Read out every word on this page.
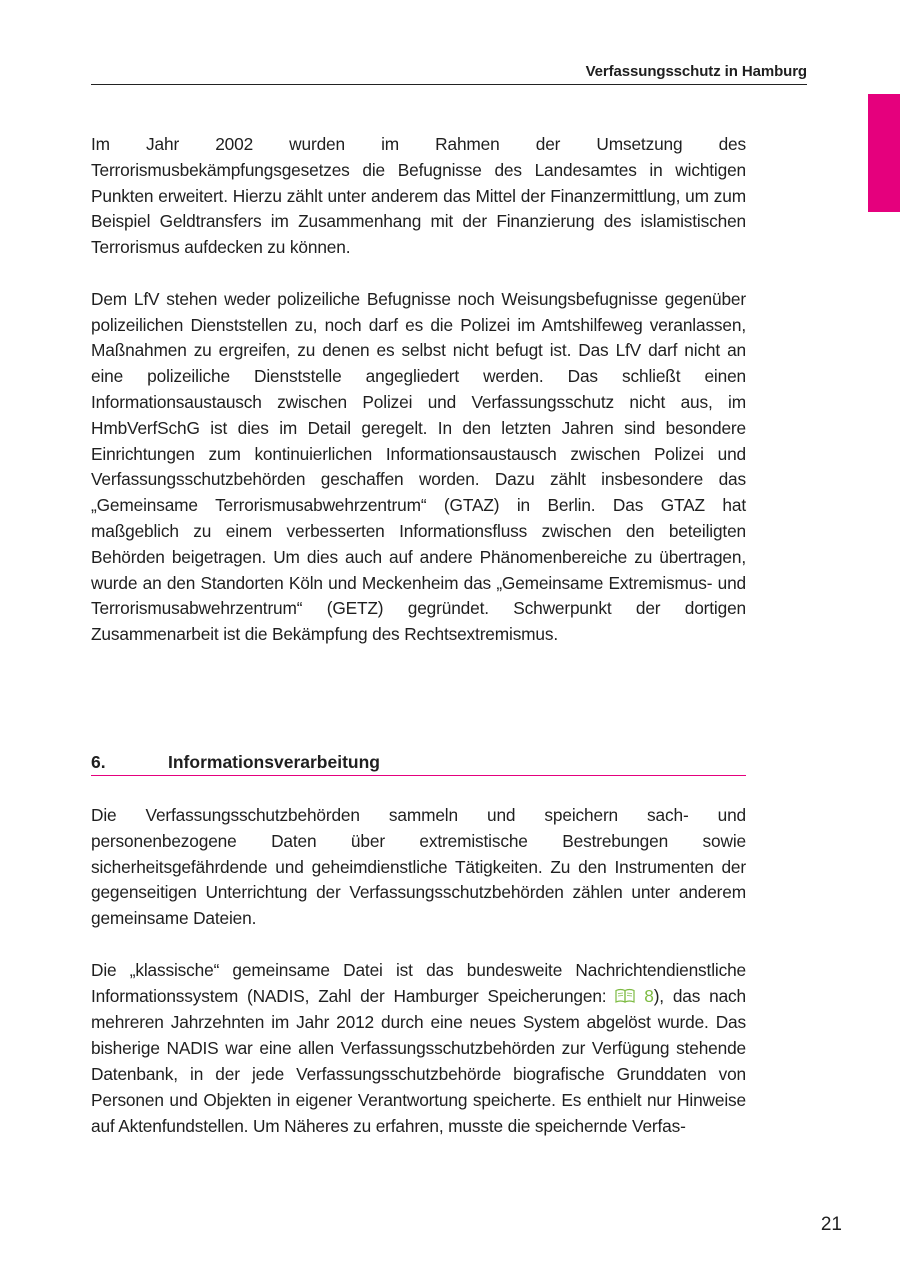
Verfassungsschutz in Hamburg

Im Jahr 2002 wurden im Rahmen der Umsetzung des Terrorismusbekämpfungsgesetzes die Befugnisse des Landesamtes in wichtigen Punkten erweitert. Hierzu zählt unter anderem das Mittel der Finanzermittlung, um zum Beispiel Geldtransfers im Zusammenhang mit der Finanzierung des islamistischen Terrorismus aufdecken zu können.

Dem LfV stehen weder polizeiliche Befugnisse noch Weisungsbefugnisse gegenüber polizeilichen Dienststellen zu, noch darf es die Polizei im Amtshilfeweg veranlassen, Maßnahmen zu ergreifen, zu denen es selbst nicht befugt ist. Das LfV darf nicht an eine polizeiliche Dienststelle angegliedert werden. Das schließt einen Informationsaustausch zwischen Polizei und Verfassungsschutz nicht aus, im HmbVerfSchG ist dies im Detail geregelt. In den letzten Jahren sind besondere Einrichtungen zum kontinuierlichen Informationsaustausch zwischen Polizei und Verfassungsschutzbehörden geschaffen worden. Dazu zählt insbesondere das „Gemeinsame Terrorismusabwehrzentrum“ (GTAZ) in Berlin. Das GTAZ hat maßgeblich zu einem verbesserten Informationsfluss zwischen den beteiligten Behörden beigetragen. Um dies auch auf andere Phänomenbereiche zu übertragen, wurde an den Standorten Köln und Meckenheim das „Gemeinsame Extremismus- und Terrorismusabwehrzentrum“ (GETZ) gegründet. Schwerpunkt der dortigen Zusammenarbeit ist die Bekämpfung des Rechtsextremismus.

6.	Informationsverarbeitung

Die Verfassungsschutzbehörden sammeln und speichern sach- und personenbezogene Daten über extremistische Bestrebungen sowie sicherheitsgefährdende und geheimdienstliche Tätigkeiten. Zu den Instrumenten der gegenseitigen Unterrichtung der Verfassungsschutzbehörden zählen unter anderem gemeinsame Dateien.

Die „klassische“ gemeinsame Datei ist das bundesweite Nachrichtendienstliche Informationssystem (NADIS, Zahl der Hamburger Speicherungen:  8), das nach mehreren Jahrzehnten im Jahr 2012 durch eine neues System abgelöst wurde. Das bisherige NADIS war eine allen Verfassungsschutzbehörden zur Verfügung stehende Datenbank, in der jede Verfassungsschutzbehörde biografische Grunddaten von Personen und Objekten in eigener Verantwortung speicherte. Es enthielt nur Hinweise auf Aktenfundstellen. Um Näheres zu erfahren, musste die speichernde Verfas-

21
